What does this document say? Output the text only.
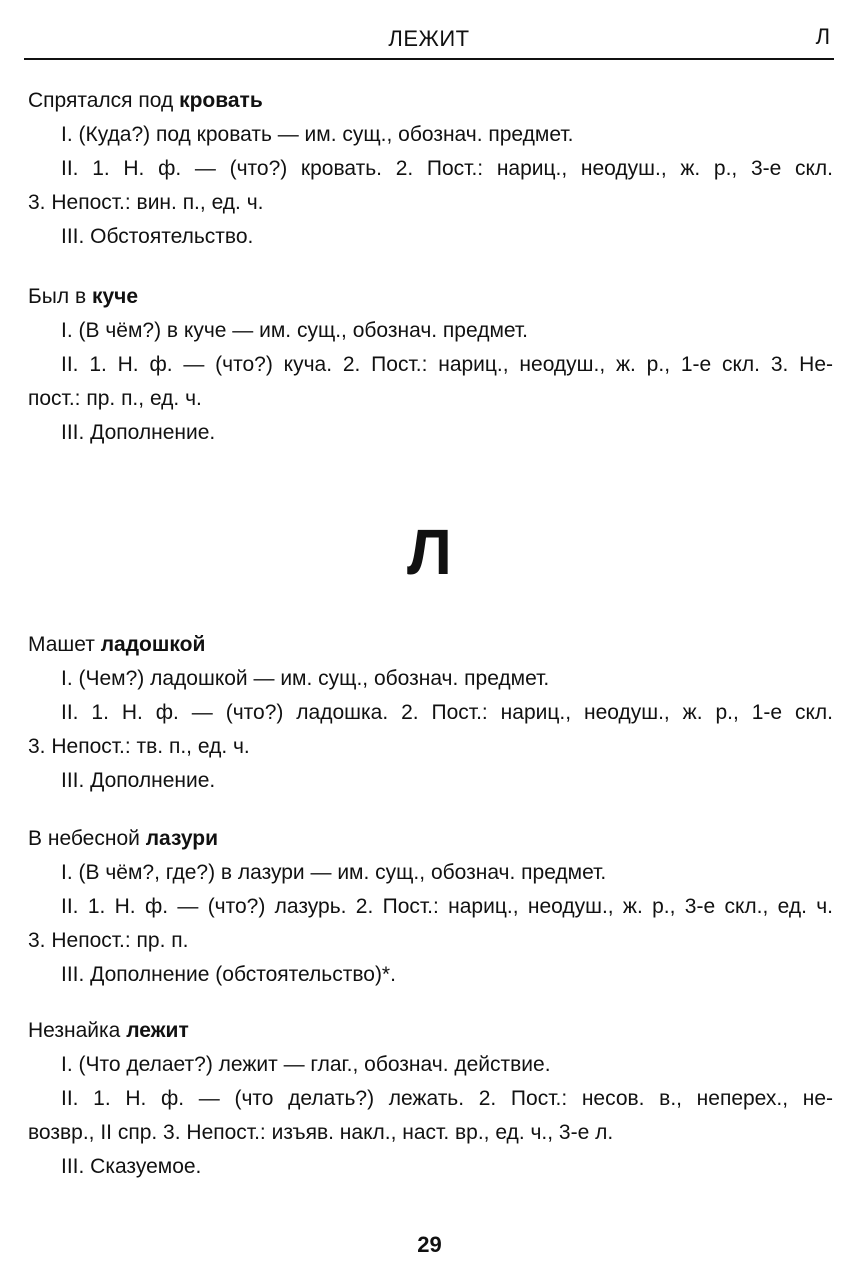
ЛЕЖИТ	Л
Спрятался под кровать
I. (Куда?) под кровать — им. сущ., обознач. предмет.
II. 1. Н. ф. — (что?) кровать. 2. Пост.: нариц., неодуш., ж. р., 3-е скл.
3. Непост.: вин. п., ед. ч.
III. Обстоятельство.
Был в куче
I. (В чём?) в куче — им. сущ., обознач. предмет.
II. 1. Н. ф. — (что?) куча. 2. Пост.: нариц., неодуш., ж. р., 1-е скл. 3. Не-
пост.: пр. п., ед. ч.
III. Дополнение.
Л
Машет ладошкой
I. (Чем?) ладошкой — им. сущ., обознач. предмет.
II. 1. Н. ф. — (что?) ладошка. 2. Пост.: нариц., неодуш., ж. р., 1-е скл.
3. Непост.: тв. п., ед. ч.
III. Дополнение.
В небесной лазури
I. (В чём?, где?) в лазури — им. сущ., обознач. предмет.
II. 1. Н. ф. — (что?) лазурь. 2. Пост.: нариц., неодуш., ж. р., 3-е скл., ед. ч.
3. Непост.: пр. п.
III. Дополнение (обстоятельство)*.
Незнайка лежит
I. (Что делает?) лежит — глаг., обознач. действие.
II. 1. Н. ф. — (что делать?) лежать. 2. Пост.: несов. в., неперех., не-
возвр., II спр. 3. Непост.: изъяв. накл., наст. вр., ед. ч., 3-е л.
III. Сказуемое.
29
